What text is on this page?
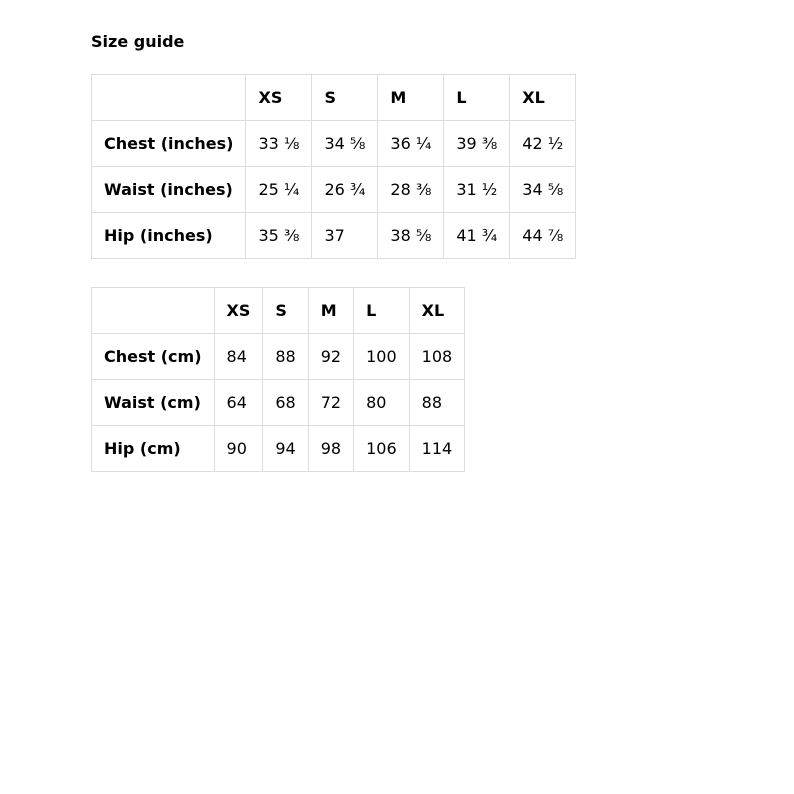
Size guide
	XS	S	M	L	XL
Chest (inches)	33 ⅛	34 ⅝	36 ¼	39 ⅜	42 ½
Waist (inches)	25 ¼	26 ¾	28 ⅜	31 ½	34 ⅝
Hip (inches)	35 ⅜	37	38 ⅝	41 ¾	44 ⅞
	XS	S	M	L	XL
Chest (cm)	84	88	92	100	108
Waist (cm)	64	68	72	80	88
Hip (cm)	90	94	98	106	114
